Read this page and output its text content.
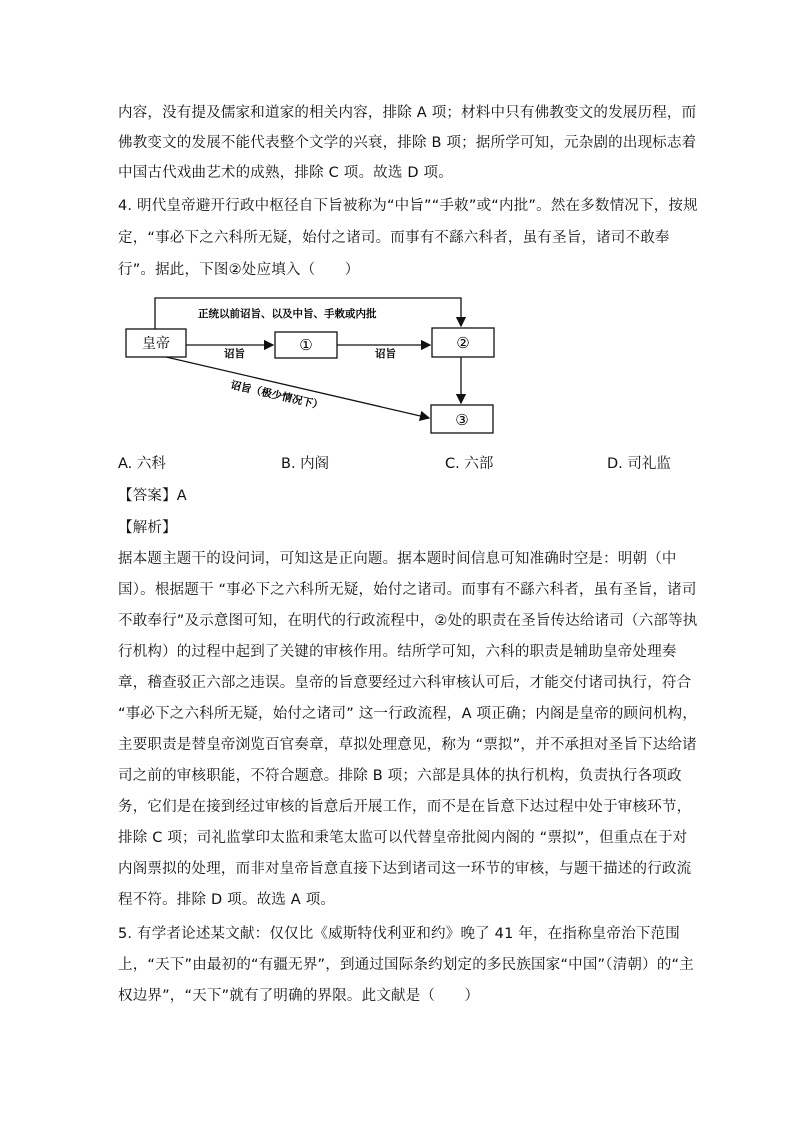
内容，没有提及儒家和道家的相关内容，排除 A 项；材料中只有佛教变文的发展历程，而
佛教变文的发展不能代表整个文学的兴衰，排除 B 项；据所学可知，元杂剧的出现标志着
中国古代戏曲艺术的成熟，排除 C 项。故选 D 项。
4. 明代皇帝避开行政中枢径自下旨被称为“中旨”“手敕”或“内批”。然在多数情况下，按规
定，“事必下之六科所无疑，始付之诸司。而事有不繇六科者，虽有圣旨，诸司不敢奉
行”。据此，下图②处应填入（　　）
皇帝	①	②
③
正统以前诏旨、以及中旨、手敕或内批
诏旨	诏旨
诏旨（极少情况下）
A. 六科	B. 内阁	C. 六部	D. 司礼监
【答案】A
【解析】
据本题主题干的设问词，可知这是正向题。据本题时间信息可知准确时空是：明朝（中
国）。根据题干 “事必下之六科所无疑，始付之诸司。而事有不繇六科者，虽有圣旨，诸司
不敢奉行”及示意图可知，在明代的行政流程中，②处的职责在圣旨传达给诸司（六部等执
行机构）的过程中起到了关键的审核作用。结所学可知，六科的职责是辅助皇帝处理奏
章，稽查驳正六部之违误。皇帝的旨意要经过六科审核认可后，才能交付诸司执行，符合
“事必下之六科所无疑，始付之诸司” 这一行政流程，A 项正确；内阁是皇帝的顾问机构，
主要职责是替皇帝浏览百官奏章，草拟处理意见，称为 “票拟”，并不承担对圣旨下达给诸
司之前的审核职能，不符合题意。排除 B 项；六部是具体的执行机构，负责执行各项政
务，它们是在接到经过审核的旨意后开展工作，而不是在旨意下达过程中处于审核环节，
排除 C 项；司礼监掌印太监和秉笔太监可以代替皇帝批阅内阁的 “票拟”，但重点在于对
内阁票拟的处理，而非对皇帝旨意直接下达到诸司这一环节的审核，与题干描述的行政流
程不符。排除 D 项。故选 A 项。
5. 有学者论述某文献：仅仅比《威斯特伐利亚和约》晚了 41 年，在指称皇帝治下范围
上，“天下”由最初的“有疆无界”，到通过国际条约划定的多民族国家“中国”（清朝）的“主
权边界”，“天下”就有了明确的界限。此文献是（　　）
